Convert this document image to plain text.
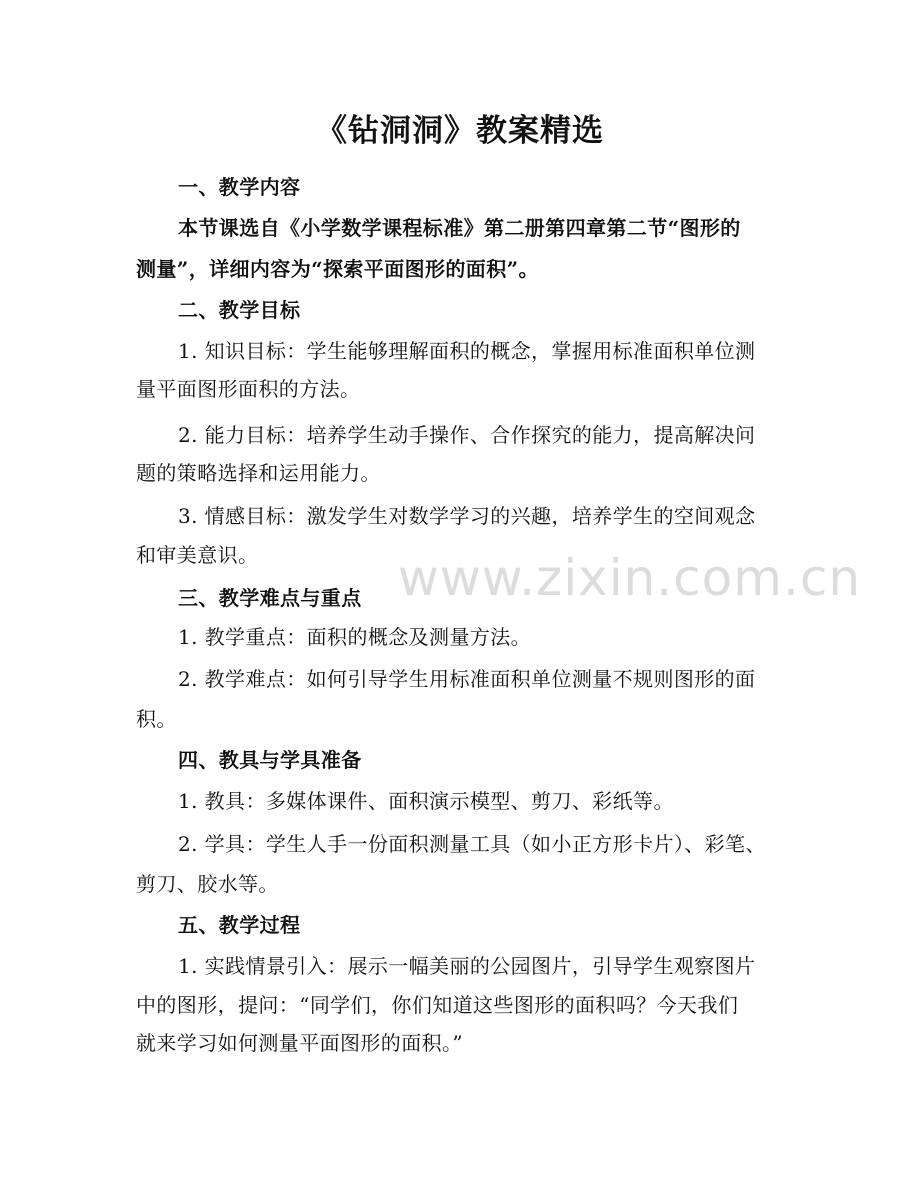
《钻洞洞》教案精选
一、教学内容
本节课选自《小学数学课程标准》第二册第四章第二节“图形的
测量”，详细内容为“探索平面图形的面积”。
二、教学目标
1. 知识目标：学生能够理解面积的概念，掌握用标准面积单位测
量平面图形面积的方法。
2. 能力目标：培养学生动手操作、合作探究的能力，提高解决问
题的策略选择和运用能力。
3. 情感目标：激发学生对数学学习的兴趣，培养学生的空间观念
和审美意识。
三、教学难点与重点
1. 教学重点：面积的概念及测量方法。
2. 教学难点：如何引导学生用标准面积单位测量不规则图形的面
积。
四、教具与学具准备
1. 教具：多媒体课件、面积演示模型、剪刀、彩纸等。
2. 学具：学生人手一份面积测量工具（如小正方形卡片）、彩笔、
剪刀、胶水等。
五、教学过程
1. 实践情景引入：展示一幅美丽的公园图片，引导学生观察图片
中的图形，提问：“同学们，你们知道这些图形的面积吗？今天我们
就来学习如何测量平面图形的面积。”
www.zixin.com.cn
